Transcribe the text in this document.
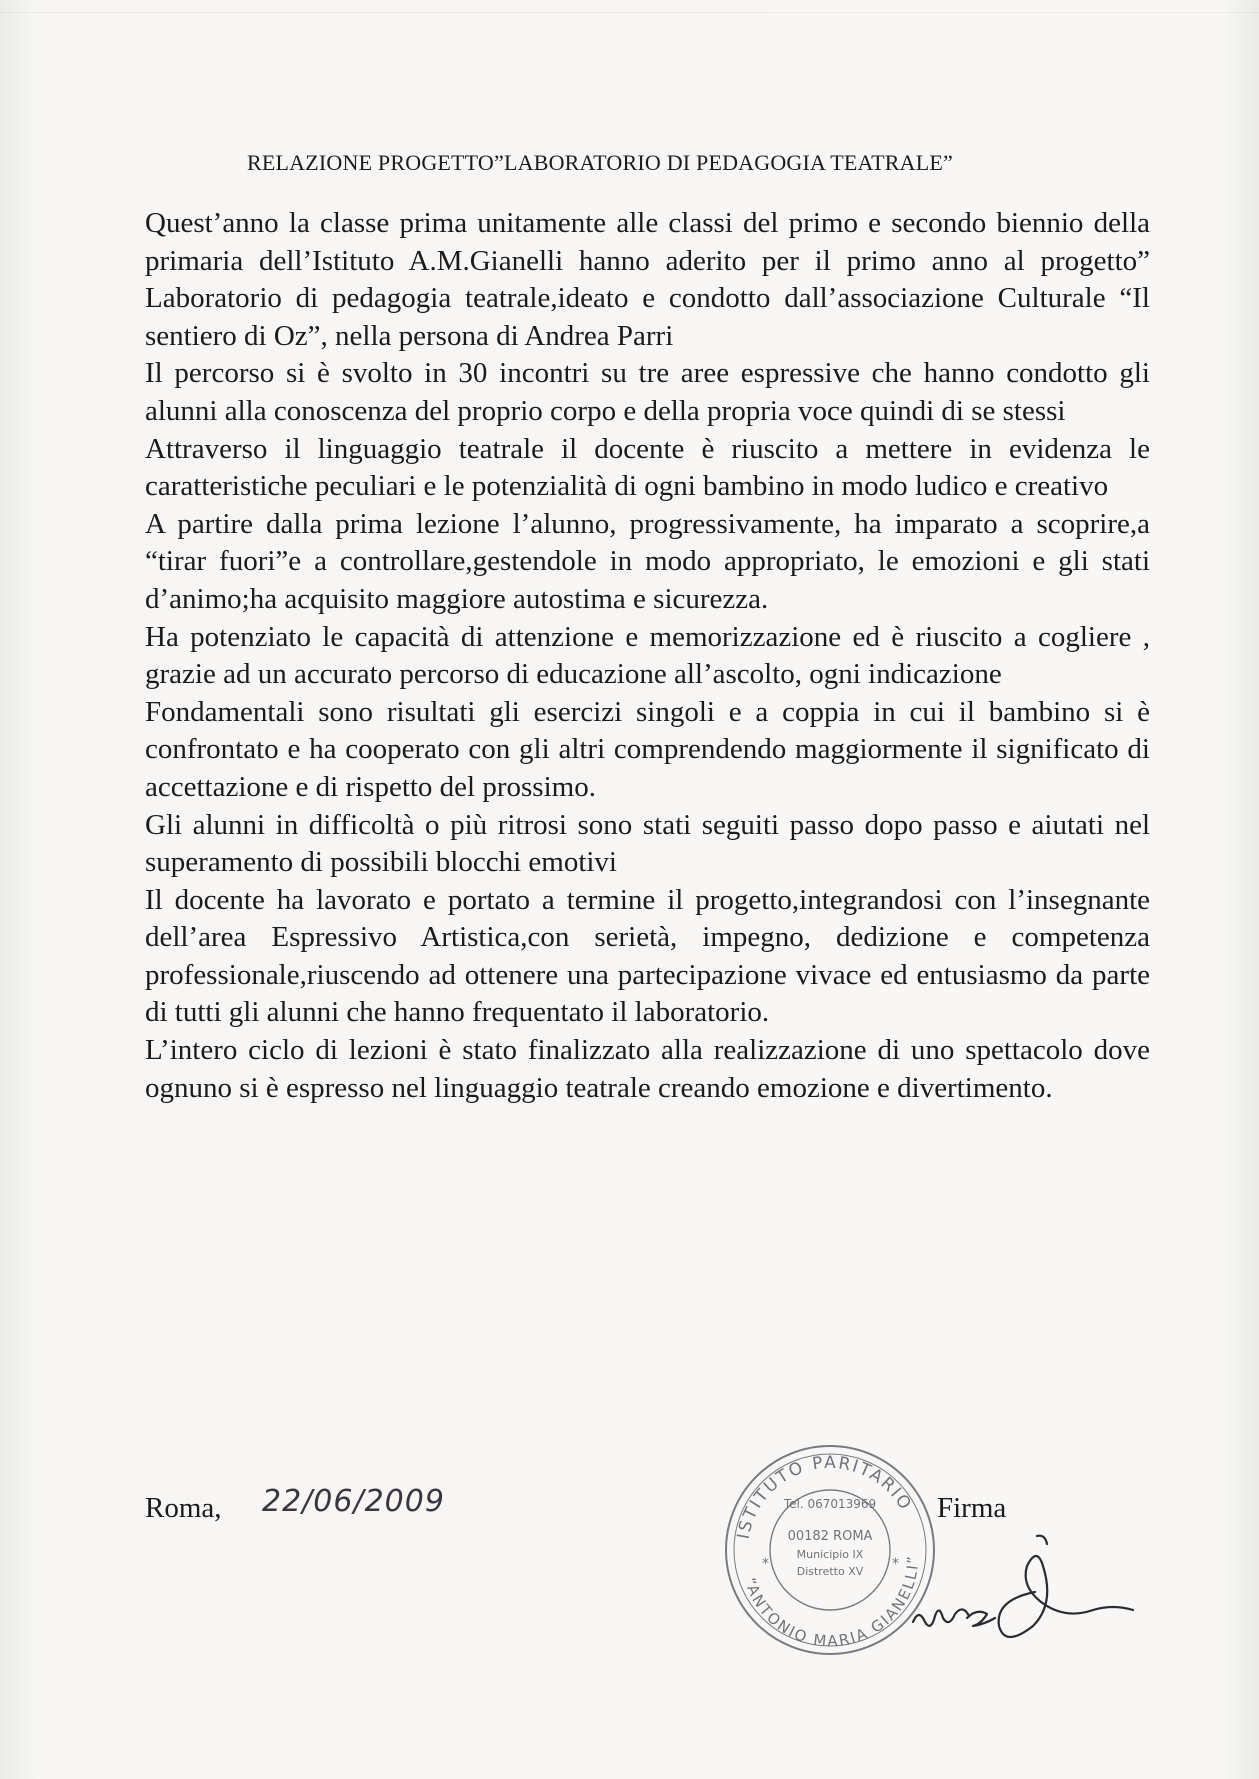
RELAZIONE PROGETTO”LABORATORIO DI PEDAGOGIA TEATRALE”

Quest’anno la classe prima unitamente alle classi del primo e secondo biennio della primaria dell’Istituto A.M.Gianelli hanno aderito per il primo anno al progetto” Laboratorio di pedagogia teatrale,ideato e condotto dall’associazione Culturale “Il sentiero di Oz”, nella persona di Andrea Parri

Il percorso si è svolto in 30 incontri su tre aree espressive che hanno condotto gli alunni alla conoscenza del proprio corpo e della propria voce quindi di se stessi

Attraverso il linguaggio teatrale il docente è riuscito a mettere in evidenza le caratteristiche peculiari e le potenzialità di ogni bambino in modo ludico e creativo

A partire dalla prima lezione l’alunno, progressivamente, ha imparato a scoprire,a “tirar fuori”e a controllare,gestendole in modo appropriato, le emozioni e gli stati d’animo;ha acquisito maggiore autostima e sicurezza.

Ha potenziato le capacità di attenzione e memorizzazione ed è riuscito a cogliere , grazie ad un accurato percorso di educazione all’ascolto, ogni indicazione

Fondamentali sono risultati gli esercizi singoli e a coppia in cui il bambino si è confrontato e ha cooperato con gli altri comprendendo maggiormente il significato di accettazione e di rispetto del prossimo.

Gli alunni in difficoltà o più ritrosi sono stati seguiti passo dopo passo e aiutati nel superamento di possibili blocchi emotivi

Il docente ha lavorato e portato a termine il progetto,integrandosi con l’insegnante dell’area Espressivo Artistica,con serietà, impegno, dedizione e competenza professionale,riuscendo ad ottenere una partecipazione vivace ed entusiasmo da parte di tutti gli alunni che hanno frequentato il laboratorio.

L’intero ciclo di lezioni è stato finalizzato alla realizzazione di uno spettacolo dove ognuno si è espresso nel linguaggio teatrale creando emozione e divertimento.

Roma, 22/06/2009	Firma
ISTITUTO PARITARIO
“ANTONIO MARIA GIANELLI”
Tel. 067013969
00182 ROMA
Municipio IX
Distretto XV
*	*
